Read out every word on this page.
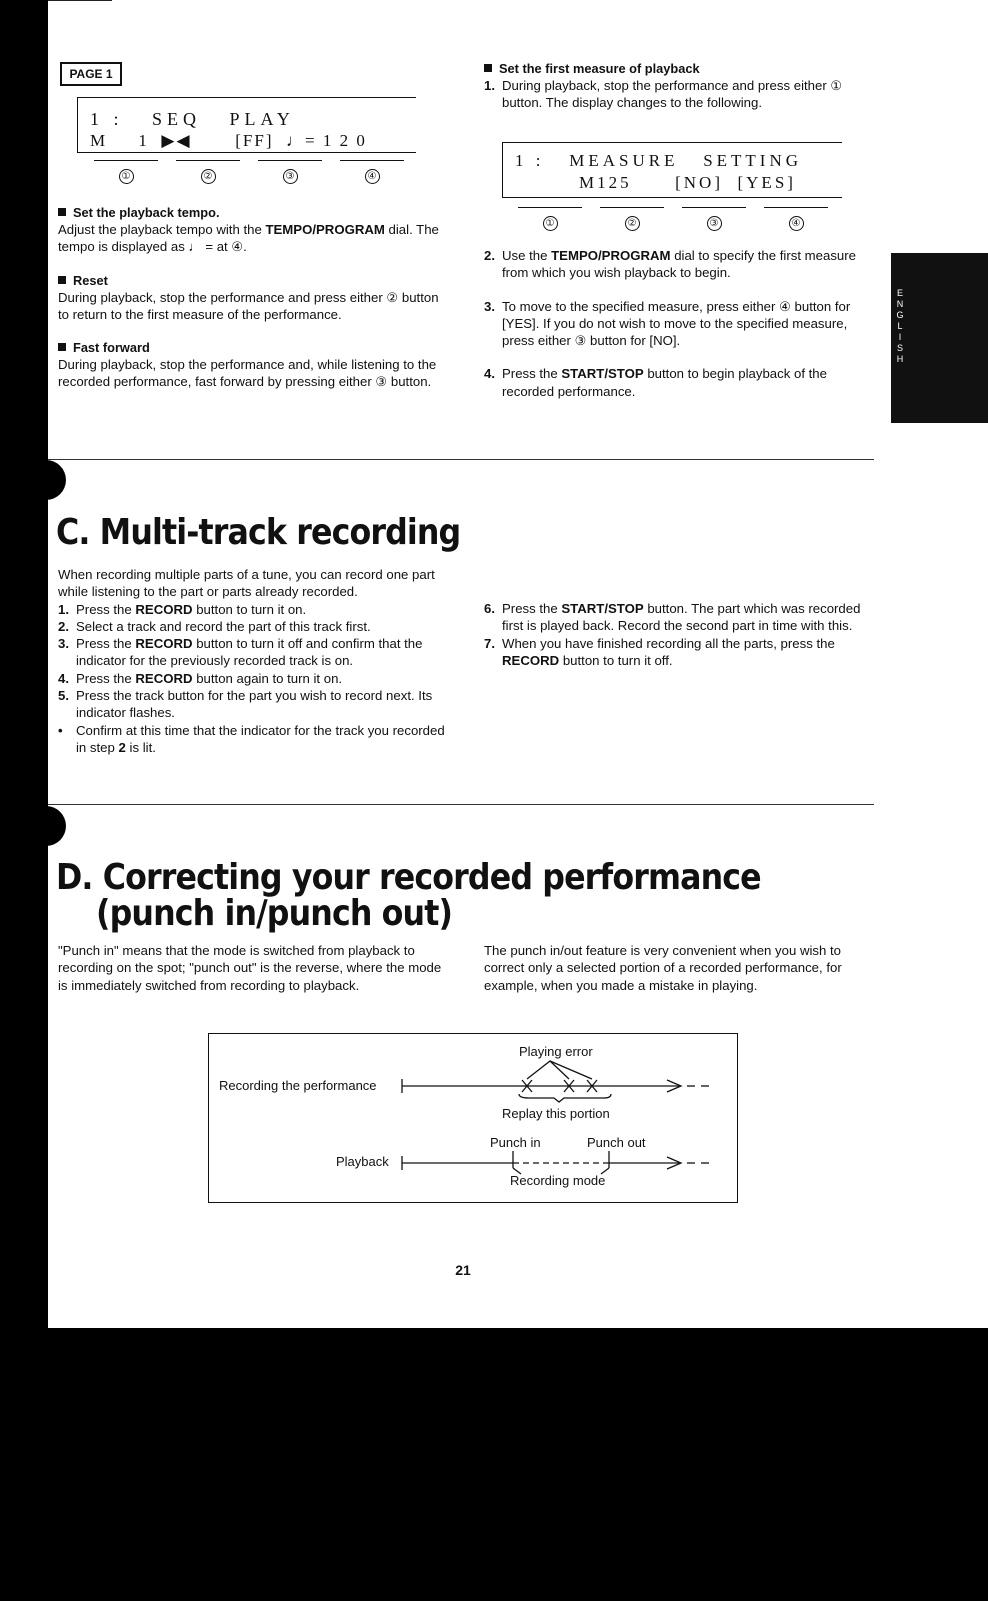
PAGE 1
1 :   SEQ   PLAY
M     1  ▶◀       [FF]  ♩= 1 2 0
①	②	③	④
Set the playback tempo.
Adjust the playback tempo with the TEMPO/PROGRAM dial. The tempo is displayed as ♩ = at ④.
Reset
During playback, stop the performance and press either ② button to return to the first measure of the performance.
Fast forward
During playback, stop the performance and, while listening to the recorded performance, fast forward by pressing either ③ button.
Set the first measure of playback
1. During playback, stop the performance and press either ① button. The display changes to the following.
1 :   MEASURE   SETTING
M125      [NO]  [YES]
①	②	③	④
2. Use the TEMPO/PROGRAM dial to specify the first measure from which you wish playback to begin.
3. To move to the specified measure, press either ④ button for [YES]. If you do not wish to move to the specified measure, press either ③ button for [NO].
4. Press the START/STOP button to begin playback of the recorded performance.
C. Multi-track recording
When recording multiple parts of a tune, you can record one part while listening to the part or parts already recorded.
1. Press the RECORD button to turn it on.
2. Select a track and record the part of this track first.
3. Press the RECORD button to turn it off and confirm that the indicator for the previously recorded track is on.
4. Press the RECORD button again to turn it on.
5. Press the track button for the part you wish to record next. Its indicator flashes.
• Confirm at this time that the indicator for the track you recorded in step 2 is lit.
6. Press the START/STOP button. The part which was recorded first is played back. Record the second part in time with this.
7. When you have finished recording all the parts, press the RECORD button to turn it off.
D. Correcting your recorded performance
(punch in/punch out)
"Punch in" means that the mode is switched from playback to recording on the spot; "punch out" is the reverse, where the mode is immediately switched from recording to playback.
The punch in/out feature is very convenient when you wish to correct only a selected portion of a recorded performance, for example, when you made a mistake in playing.
Playing error
Recording the performance
Replay this portion
Punch in	Punch out
Playback
Recording mode
21
E
N
G
L
I
S
H
